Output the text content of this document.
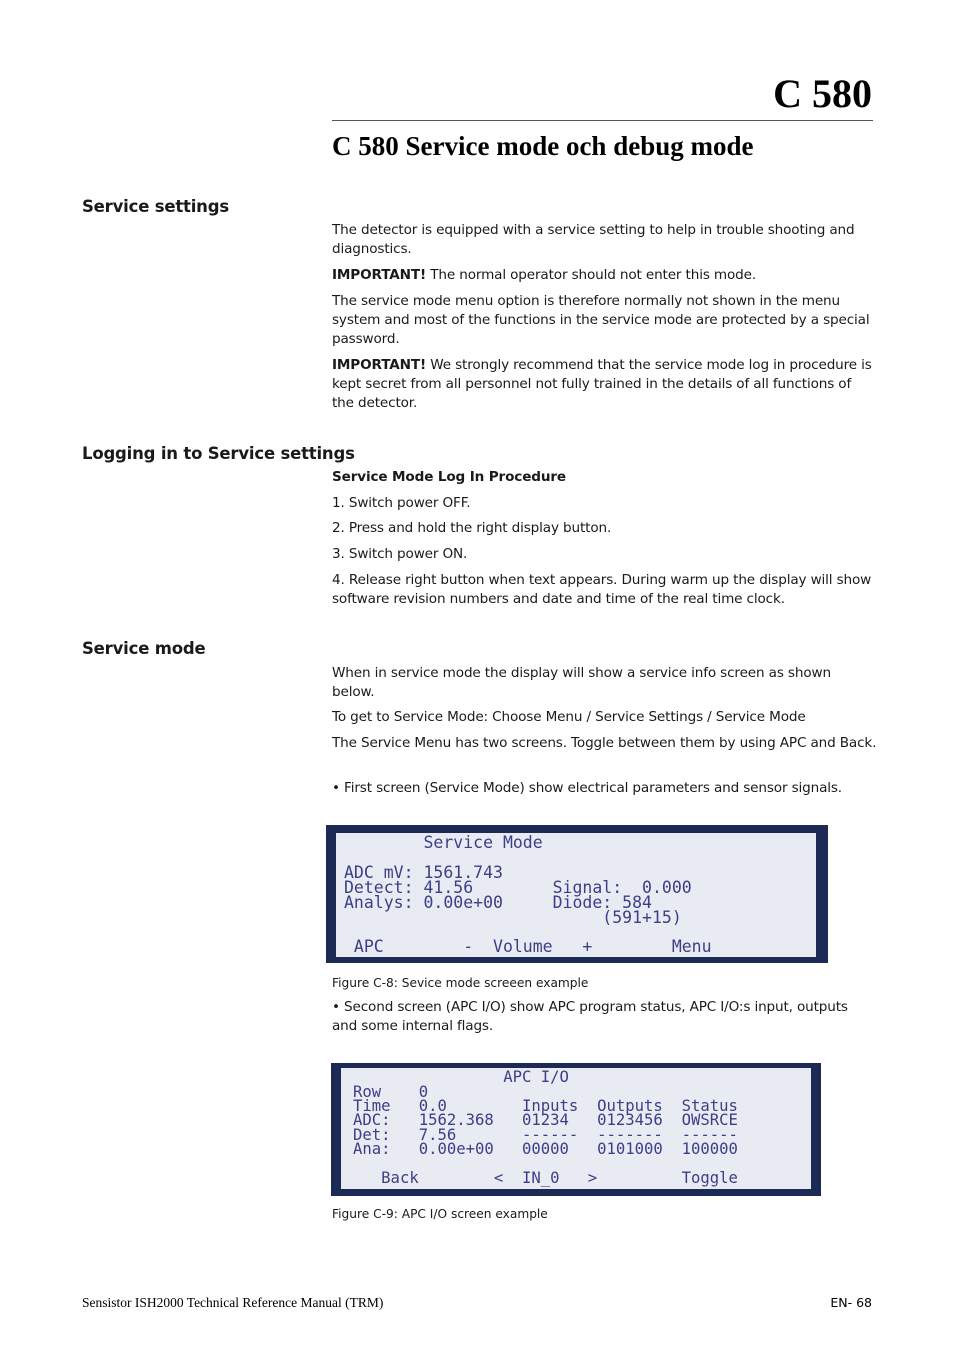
C 580
C 580 Service mode och debug mode
Service settings
The detector is equipped with a service setting to help in trouble shooting and diagnostics.
IMPORTANT! The normal operator should not enter this mode.
The service mode menu option is therefore normally not shown in the menu system and most of the functions in the service mode are protected by a special password.
IMPORTANT! We strongly recommend that the service mode log in procedure is kept secret from all personnel not fully trained in the details of all functions of the detector.
Logging in to Service settings
Service Mode Log In Procedure
1. Switch power OFF.
2. Press and hold the right display button.
3. Switch power ON.
4. Release right button when text appears. During warm up the display will show software revision numbers and date and time of the real time clock.
Service mode
When in service mode the display will show a service info screen as shown below.
To get to Service Mode: Choose Menu / Service Settings / Service Mode
The Service Menu has two screens. Toggle between them by using APC and Back.
• First screen (Service Mode) show electrical parameters and sensor signals.

Service Mode

ADC mV: 1561.743

Detect: 41.56        Signal:  0.000

Analys: 0.00e+00     Diode: 584

(591+15)

APC        -  Volume   +        Menu

Figure C-8: Sevice mode screeen example
• Second screen (APC I/O) show APC program status, APC I/O:s input, outputs and some internal flags.

APC I/O

Row    0

Time   0.0        Inputs  Outputs  Status

ADC:   1562.368   01234   0123456  OWSRCE

Det:   7.56       ------  -------  ------

Ana:   0.00e+00   00000   0101000  100000

Back        <  IN_0   >         Toggle

Figure C-9: APC I/O screen example
Sensistor ISH2000 Technical Reference Manual (TRM)	EN- 68
